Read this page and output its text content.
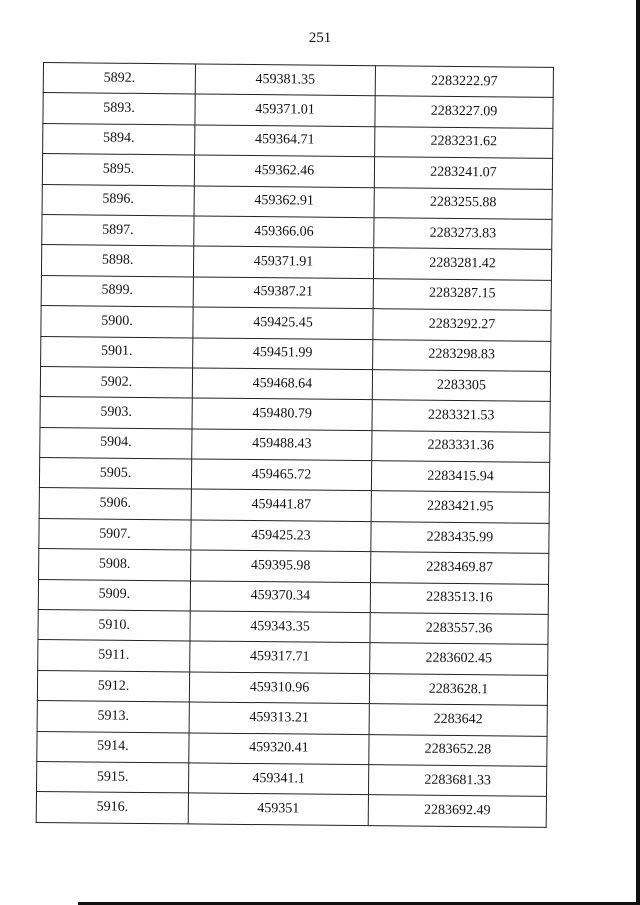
251
5892.	459381.35	2283222.97
5893.	459371.01	2283227.09
5894.	459364.71	2283231.62
5895.	459362.46	2283241.07
5896.	459362.91	2283255.88
5897.	459366.06	2283273.83
5898.	459371.91	2283281.42
5899.	459387.21	2283287.15
5900.	459425.45	2283292.27
5901.	459451.99	2283298.83
5902.	459468.64	2283305
5903.	459480.79	2283321.53
5904.	459488.43	2283331.36
5905.	459465.72	2283415.94
5906.	459441.87	2283421.95
5907.	459425.23	2283435.99
5908.	459395.98	2283469.87
5909.	459370.34	2283513.16
5910.	459343.35	2283557.36
5911.	459317.71	2283602.45
5912.	459310.96	2283628.1
5913.	459313.21	2283642
5914.	459320.41	2283652.28
5915.	459341.1	2283681.33
5916.	459351	2283692.49
